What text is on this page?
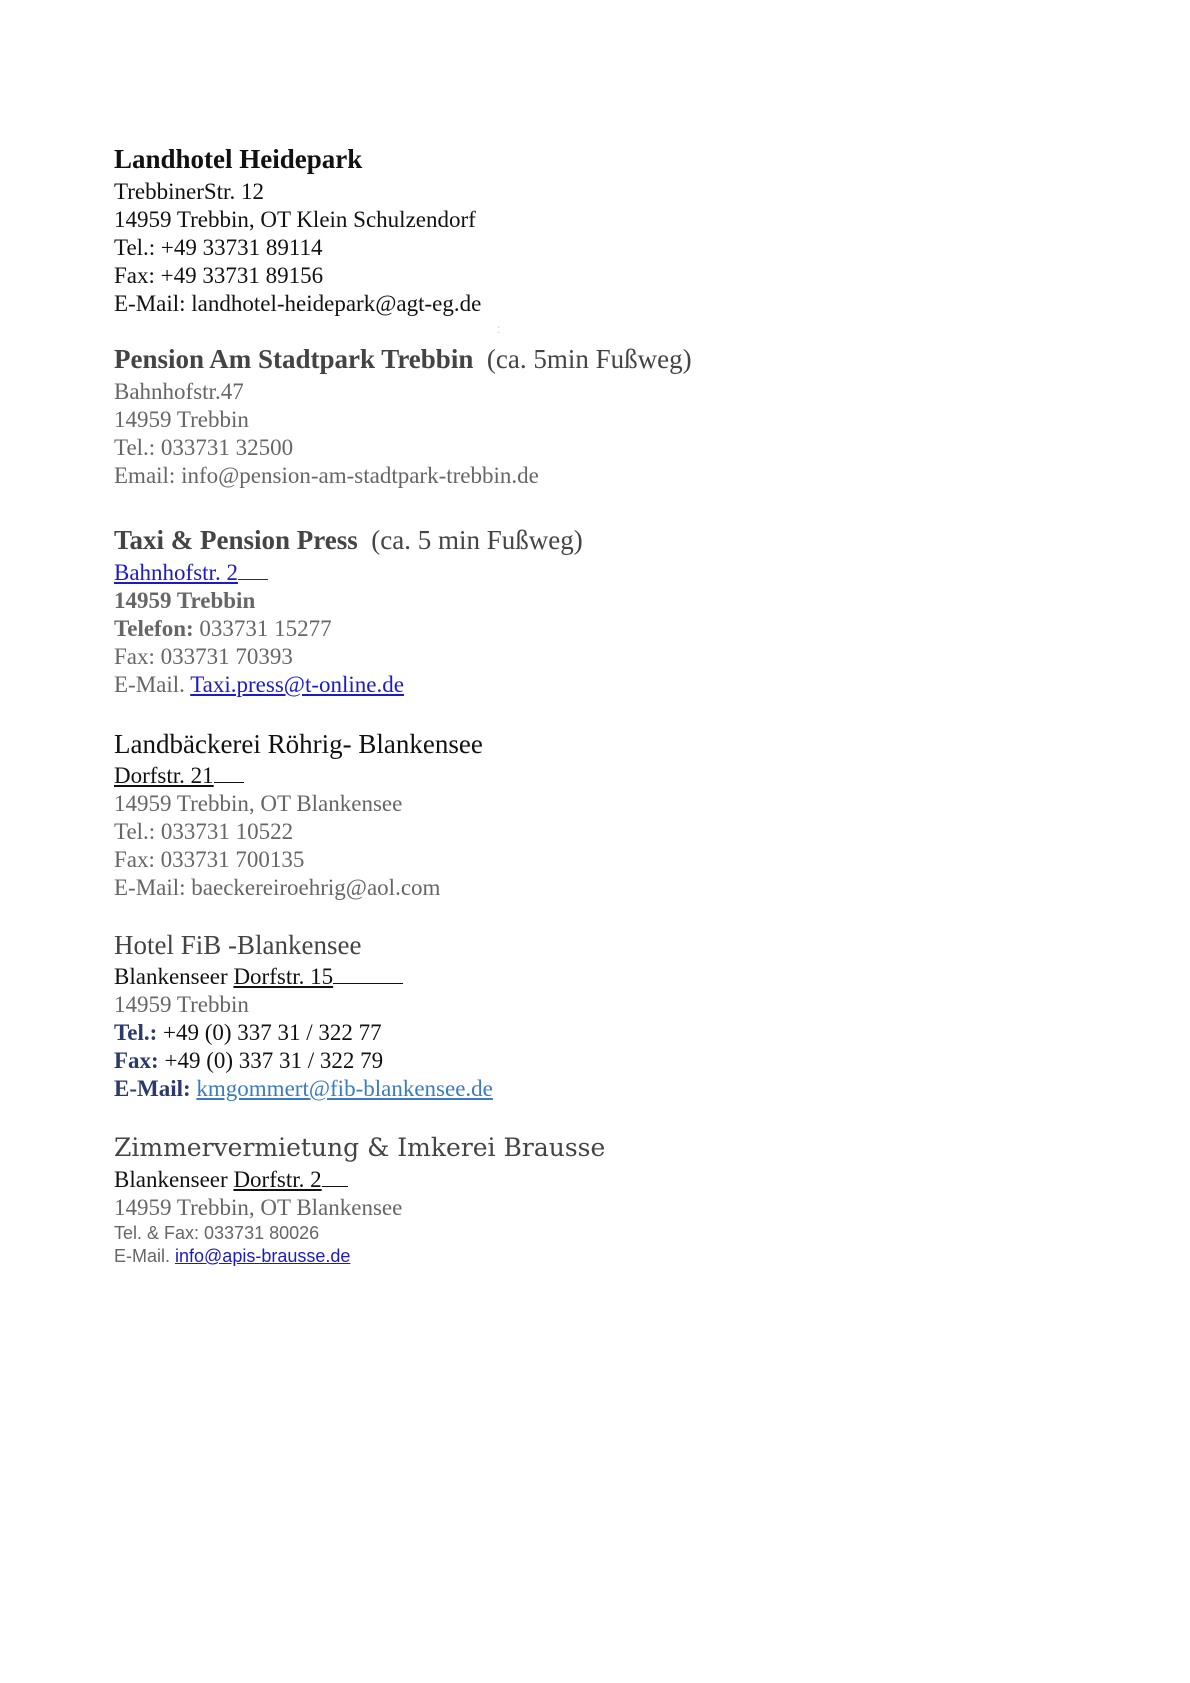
Landhotel Heidepark
TrebbinerStr. 12
14959 Trebbin, OT Klein Schulzendorf
Tel.: +49 33731 89114
Fax: +49 33731 89156
E-Mail: landhotel-heidepark@agt-eg.de
Pension Am Stadtpark Trebbin (ca. 5min Fußweg)
Bahnhofstr.47
14959 Trebbin
Tel.: 033731 32500
Email: info@pension-am-stadtpark-trebbin.de
Taxi & Pension Press (ca. 5 min Fußweg)
Bahnhofstr. 2
14959 Trebbin
Telefon: 033731 15277
Fax: 033731 70393
E-Mail. Taxi.press@t-online.de
Landbäckerei Röhrig- Blankensee
Dorfstr. 21
14959 Trebbin, OT Blankensee
Tel.: 033731 10522
Fax: 033731 700135
E-Mail: baeckereiroehrig@aol.com
Hotel FiB -Blankensee
Blankenseer Dorfstr. 15
14959 Trebbin
Tel.: +49 (0) 337 31 / 322 77
Fax: +49 (0) 337 31 / 322 79
E-Mail: kmgommert@fib-blankensee.de
Zimmervermietung & Imkerei Brausse
Blankenseer Dorfstr. 2
14959 Trebbin, OT Blankensee
Tel. & Fax: 033731 80026
E-Mail. info@apis-brausse.de
:
